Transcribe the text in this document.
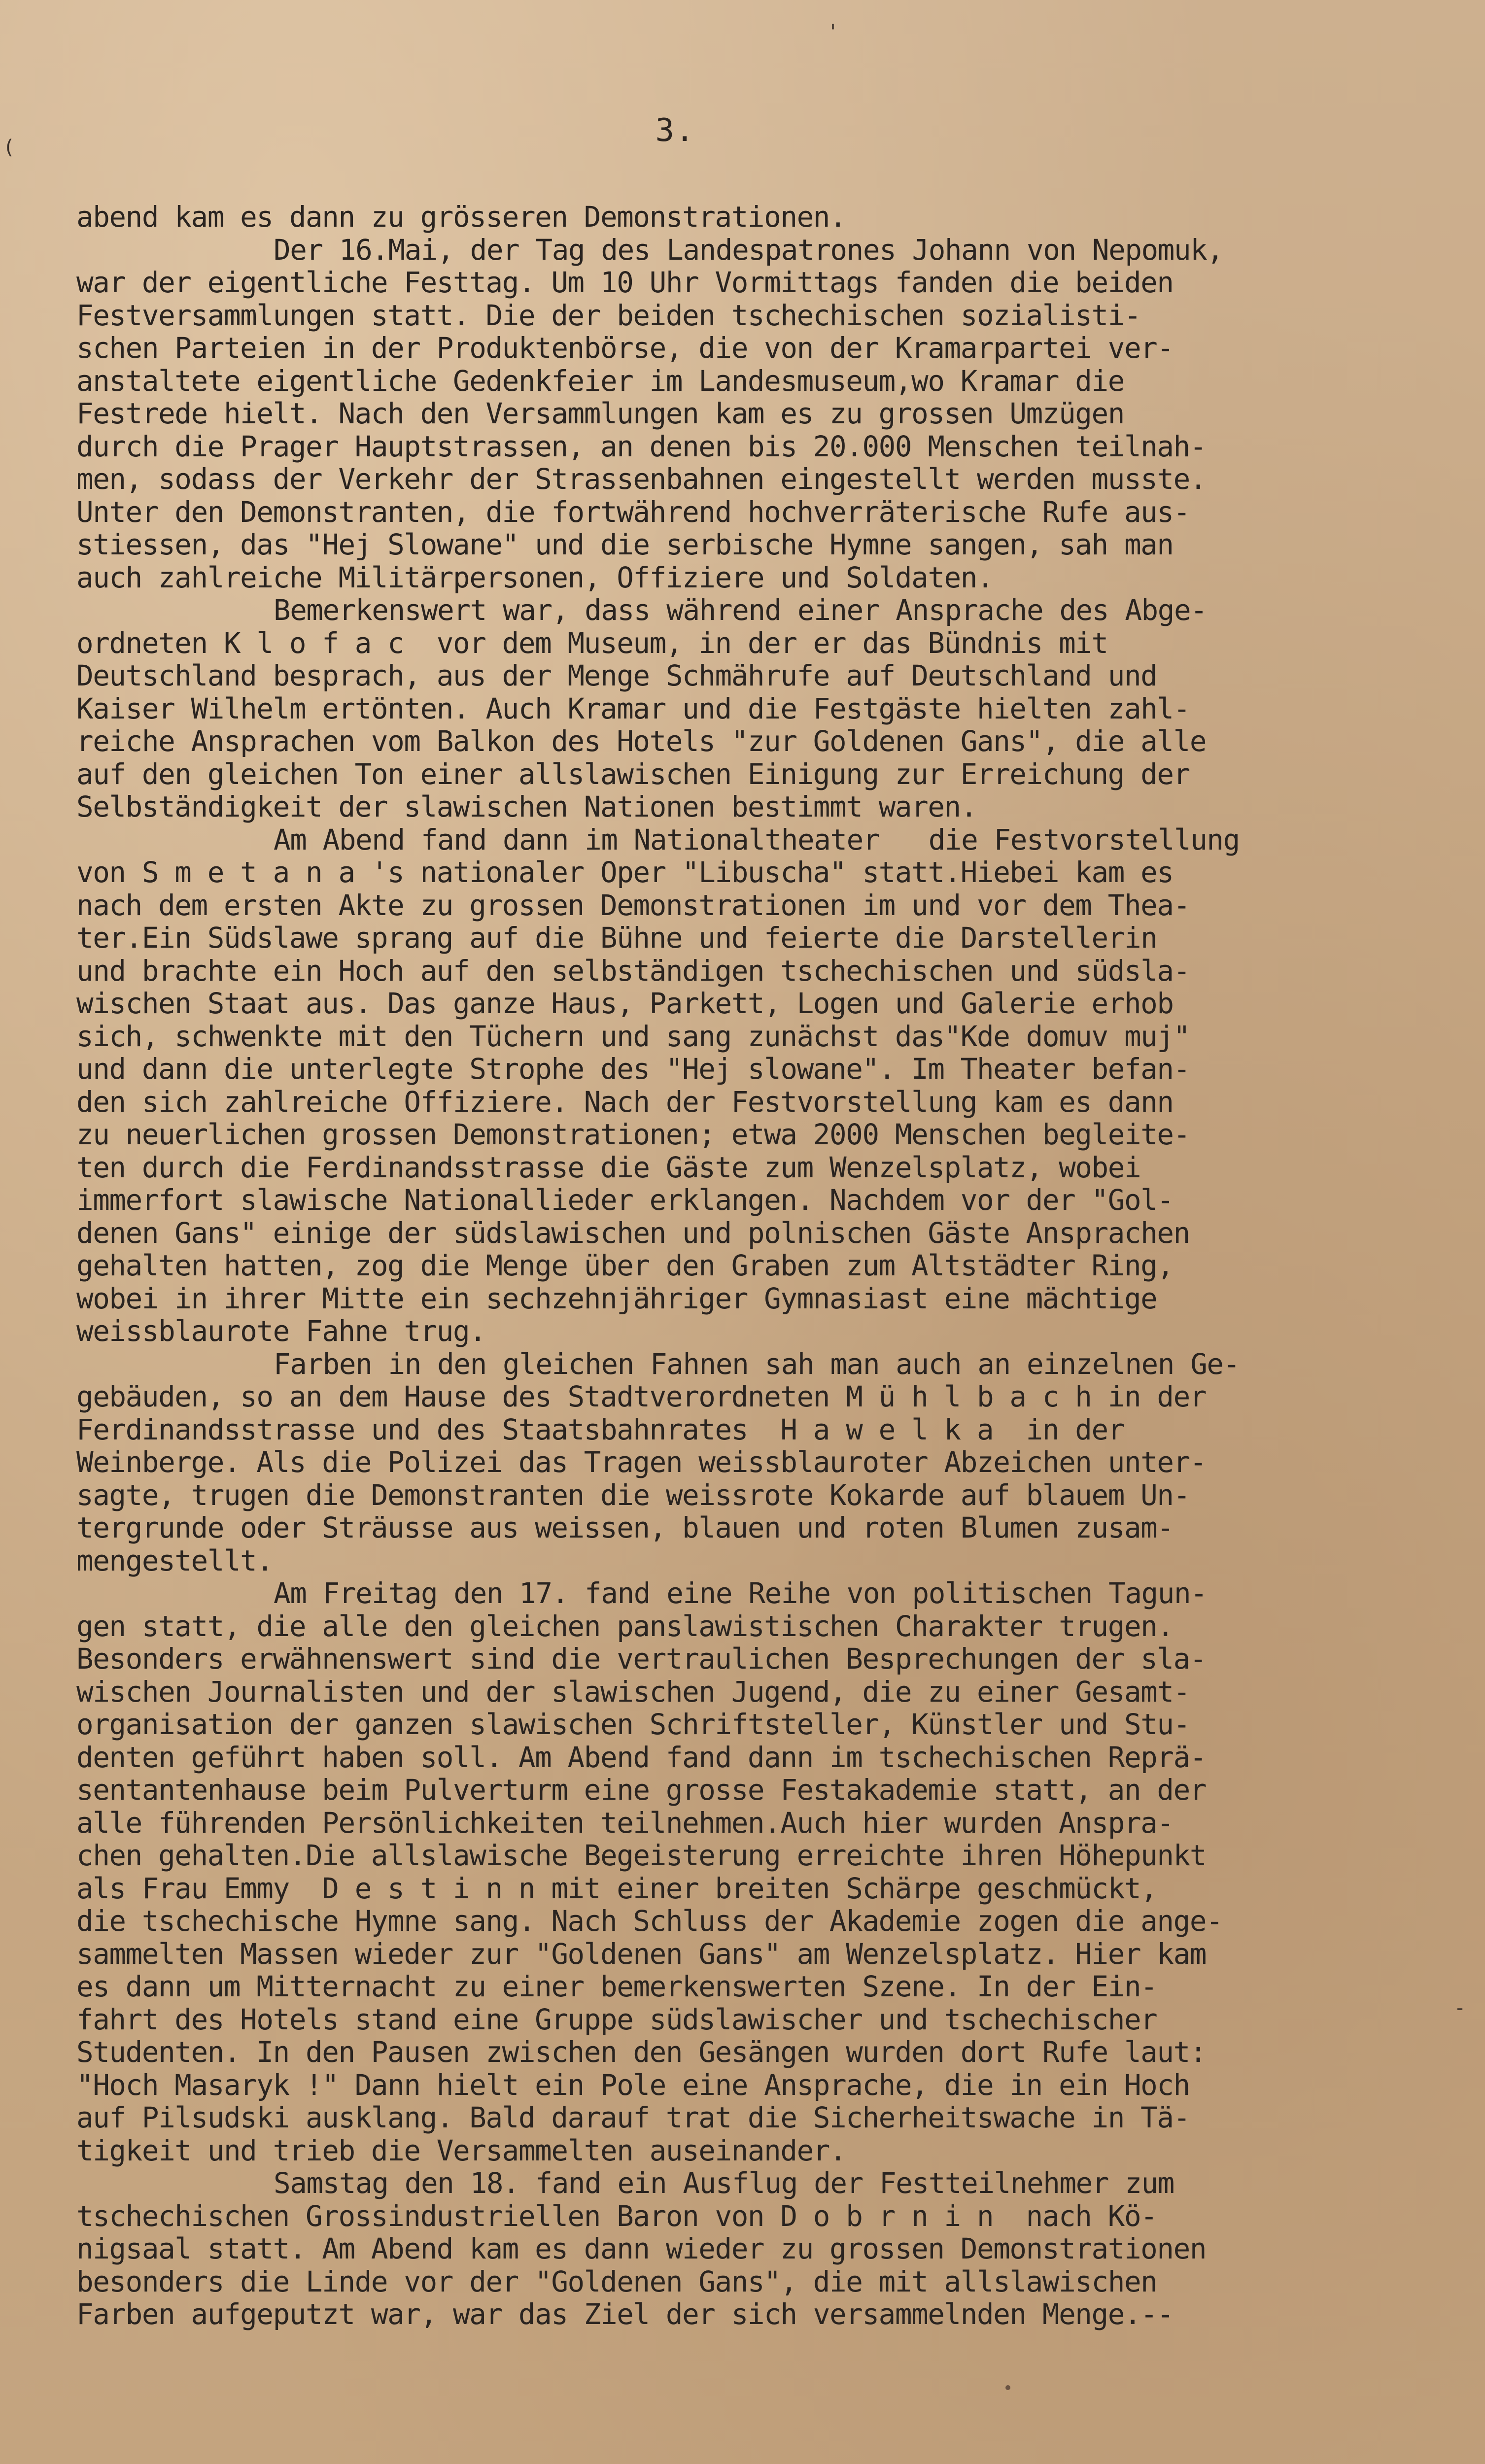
3.
(
'
-
abend kam es dann zu grösseren Demonstrationen.
Der 16.Mai, der Tag des Landespatrones Johann von Nepomuk,
war der eigentliche Festtag. Um 10 Uhr Vormittags fanden die beiden
Festversammlungen statt. Die der beiden tschechischen sozialisti-
schen Parteien in der Produktenbörse, die von der Kramarpartei ver-
anstaltete eigentliche Gedenkfeier im Landesmuseum,wo Kramar die
Festrede hielt. Nach den Versammlungen kam es zu grossen Umzügen
durch die Prager Hauptstrassen, an denen bis 20.000 Menschen teilnah-
men, sodass der Verkehr der Strassenbahnen eingestellt werden musste.
Unter den Demonstranten, die fortwährend hochverräterische Rufe aus-
stiessen, das "Hej Slowane" und die serbische Hymne sangen, sah man
auch zahlreiche Militärpersonen, Offiziere und Soldaten.
Bemerkenswert war, dass während einer Ansprache des Abge-
ordneten K l o f a c  vor dem Museum, in der er das Bündnis mit
Deutschland besprach, aus der Menge Schmährufe auf Deutschland und
Kaiser Wilhelm ertönten. Auch Kramar und die Festgäste hielten zahl-
reiche Ansprachen vom Balkon des Hotels "zur Goldenen Gans", die alle
auf den gleichen Ton einer allslawischen Einigung zur Erreichung der
Selbständigkeit der slawischen Nationen bestimmt waren.
Am Abend fand dann im Nationaltheater   die Festvorstellung
von S m e t a n a 's nationaler Oper "Libuscha" statt.Hiebei kam es
nach dem ersten Akte zu grossen Demonstrationen im und vor dem Thea-
ter.Ein Südslawe sprang auf die Bühne und feierte die Darstellerin
und brachte ein Hoch auf den selbständigen tschechischen und südsla-
wischen Staat aus. Das ganze Haus, Parkett, Logen und Galerie erhob
sich, schwenkte mit den Tüchern und sang zunächst das"Kde domuv muj"
und dann die unterlegte Strophe des "Hej slowane". Im Theater befan-
den sich zahlreiche Offiziere. Nach der Festvorstellung kam es dann
zu neuerlichen grossen Demonstrationen; etwa 2000 Menschen begleite-
ten durch die Ferdinandsstrasse die Gäste zum Wenzelsplatz, wobei
immerfort slawische Nationallieder erklangen. Nachdem vor der "Gol-
denen Gans" einige der südslawischen und polnischen Gäste Ansprachen
gehalten hatten, zog die Menge über den Graben zum Altstädter Ring,
wobei in ihrer Mitte ein sechzehnjähriger Gymnasiast eine mächtige
weissblaurote Fahne trug.
Farben in den gleichen Fahnen sah man auch an einzelnen Ge-
gebäuden, so an dem Hause des Stadtverordneten M ü h l b a c h in der
Ferdinandsstrasse und des Staatsbahnrates  H a w e l k a  in der
Weinberge. Als die Polizei das Tragen weissblauroter Abzeichen unter-
sagte, trugen die Demonstranten die weissrote Kokarde auf blauem Un-
tergrunde oder Sträusse aus weissen, blauen und roten Blumen zusam-
mengestellt.
Am Freitag den 17. fand eine Reihe von politischen Tagun-
gen statt, die alle den gleichen panslawistischen Charakter trugen.
Besonders erwähnenswert sind die vertraulichen Besprechungen der sla-
wischen Journalisten und der slawischen Jugend, die zu einer Gesamt-
organisation der ganzen slawischen Schriftsteller, Künstler und Stu-
denten geführt haben soll. Am Abend fand dann im tschechischen Reprä-
sentantenhause beim Pulverturm eine grosse Festakademie statt, an der
alle führenden Persönlichkeiten teilnehmen.Auch hier wurden Anspra-
chen gehalten.Die allslawische Begeisterung erreichte ihren Höhepunkt
als Frau Emmy  D e s t i n n mit einer breiten Schärpe geschmückt,
die tschechische Hymne sang. Nach Schluss der Akademie zogen die ange-
sammelten Massen wieder zur "Goldenen Gans" am Wenzelsplatz. Hier kam
es dann um Mitternacht zu einer bemerkenswerten Szene. In der Ein-
fahrt des Hotels stand eine Gruppe südslawischer und tschechischer
Studenten. In den Pausen zwischen den Gesängen wurden dort Rufe laut:
"Hoch Masaryk !" Dann hielt ein Pole eine Ansprache, die in ein Hoch
auf Pilsudski ausklang. Bald darauf trat die Sicherheitswache in Tä-
tigkeit und trieb die Versammelten auseinander.
Samstag den 18. fand ein Ausflug der Festteilnehmer zum
tschechischen Grossindustriellen Baron von D o b r n i n  nach Kö-
nigsaal statt. Am Abend kam es dann wieder zu grossen Demonstrationen
besonders die Linde vor der "Goldenen Gans", die mit allslawischen
Farben aufgeputzt war, war das Ziel der sich versammelnden Menge.--
